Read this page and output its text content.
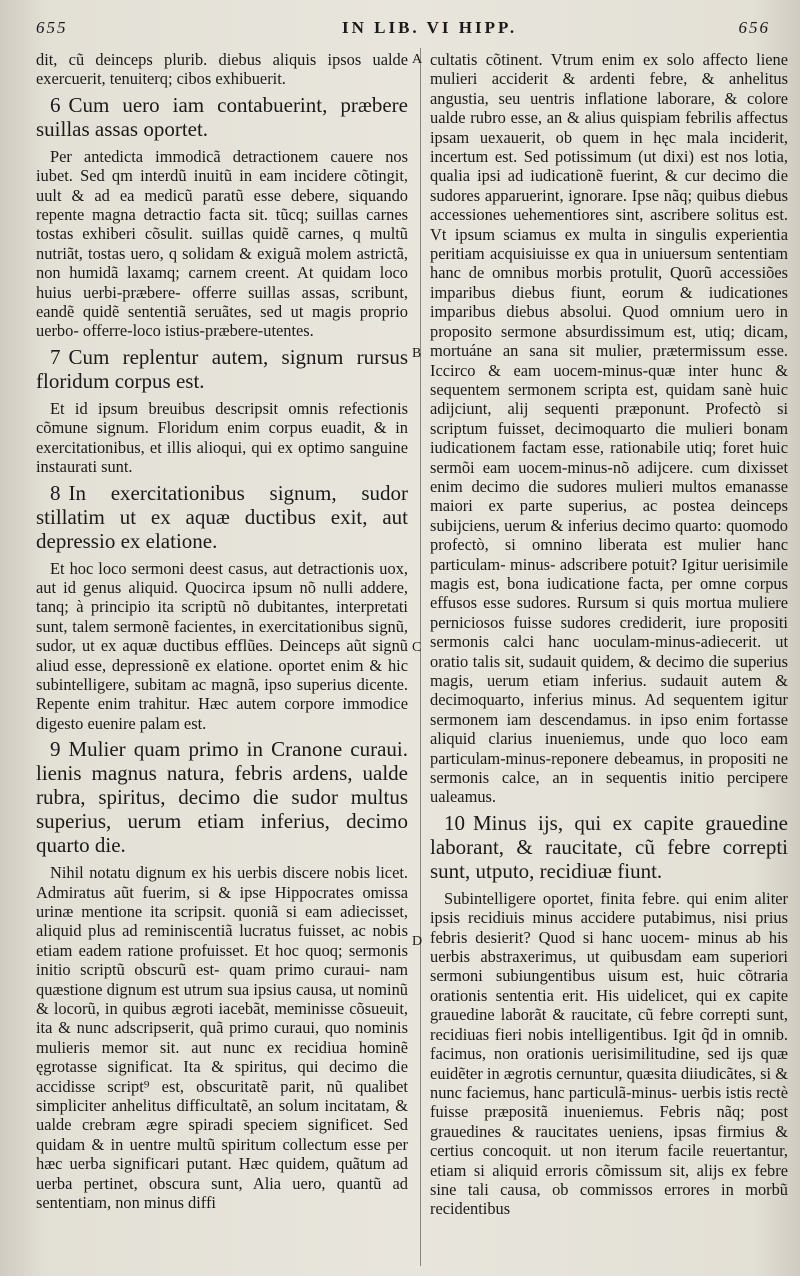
655	IN LIB. VI HIPP.	656
A
B
C
D

dit, cũ deinceps plurib. diebus aliquis ipsos ualde exercuerit, tenuiterq; cibos exhibuerit.

6 Cum uero iam contabuerint, præbere suillas assas oportet.

Per antedicta immodicã detractionem cauere nos iubet. Sed qm interdũ inuitũ in eam incidere cõtingit, uult & ad ea medicũ paratũ esse debere, siquando repente magna detractio facta sit. tũcq; suillas carnes tostas exhiberi cõsulit. suillas quidẽ carnes, q multũ nutriãt, tostas uero, q solidam & exiguã molem astrictã, non humidã laxamq; carnem creent. At quidam loco huius uerbi-præbere- offerre suillas assas, scribunt, eandẽ quidẽ sententiã seruãtes, sed ut magis proprio uerbo- offerre-loco istius-præbere-utentes.

7 Cum replentur autem, signum rursus floridum corpus est.

Et id ipsum breuibus descripsit omnis refectionis cõmune signum. Floridum enim corpus euadit, & in exercitationibus, et illis alioqui, qui ex optimo sanguine instaurati sunt.

8 In exercitationibus signum, sudor stillatim ut ex aquæ ductibus exit, aut depressio ex elatione.

Et hoc loco sermoni deest casus, aut detractionis uox, aut id genus aliquid. Quocirca ipsum nõ nulli addere, tanq; à principio ita scriptũ nõ dubitantes, interpretati sunt, talem sermonẽ facientes, in exercitationibus signũ, sudor, ut ex aquæ ductibus efflũes. Deinceps aũt signũ aliud esse, depressionẽ ex elatione. oportet enim & hic subintelligere, subitam ac magnã, ipso superius dicente. Repente enim trahitur. Hæc autem corpore immodice digesto euenire palam est.

9 Mulier quam primo in Cranone curaui. lienis magnus natura, febris ardens, ualde rubra, spiritus, decimo die sudor multus superius, uerum etiam inferius, decimo quarto die.

Nihil notatu dignum ex his uerbis discere nobis licet. Admiratus aũt fuerim, si & ipse Hippocrates omissa urinæ mentione ita scripsit. quoniã si eam adiecisset, aliquid plus ad reminiscentiã lucratus fuisset, ac nobis etiam eadem ratione profuisset. Et hoc quoq; sermonis initio scriptũ obscurũ est- quam primo curaui- nam quæstione dignum est utrum sua ipsius causa, ut nominũ & locorũ, in quibus ægroti iacebãt, meminisse cõsueuit, ita & nunc adscripserit, quã primo curaui, quo nominis mulieris memor sit. aut nunc ex recidiua hominẽ ęgrotasse significat. Ita & spiritus, qui decimo die accidisse script⁹ est, obscuritatẽ parit, nũ qualibet simpliciter anhelitus difficultatẽ, an solum incitatam, & ualde crebram ægre spiradi speciem significet. Sed quidam & in uentre multũ spiritum collectum esse per hæc uerba significari putant. Hæc quidem, quãtum ad uerba pertinet, obscura sunt, Alia uero, quantũ ad sententiam, non minus diffi

cultatis cõtinent. Vtrum enim ex solo affecto liene mulieri acciderit & ardenti febre, & anhelitus angustia, seu uentris inflatione laborare, & colore ualde rubro esse, an & alius quispiam febrilis affectus ipsam uexauerit, ob quem in hęc mala inciderit, incertum est. Sed potissimum (ut dixi) est nos lotia, qualia ipsi ad iudicationẽ fuerint, & cur decimo die sudores apparuerint, ignorare. Ipse nãq; quibus diebus accessiones uehementiores sint, ascribere solitus est. Vt ipsum sciamus ex multa in singulis experientia peritiam acquisiuisse ex qua in uniuersum sententiam hanc de omnibus morbis protulit, Quorũ accessiões imparibus diebus fiunt, eorum & iudicationes imparibus diebus absolui. Quod omnium uero in proposito sermone absurdissimum est, utiq; dicam, mortuáne an sana sit mulier, prætermissum esse. Iccirco & eam uocem-minus-quæ inter hunc & sequentem sermonem scripta est, quidam sanè huic adijciunt, alij sequenti præponunt. Profectò si scriptum fuisset, decimoquarto die mulieri bonam iudicationem factam esse, rationabile utiq; foret huic sermõi eam uocem-minus-nõ adijcere. cum dixisset enim decimo die sudores mulieri multos emanasse maiori ex parte superius, ac postea deinceps subijciens, uerum & inferius decimo quarto: quomodo profectò, si omnino liberata est mulier hanc particulam- minus- adscribere potuit? Igitur uerisimile magis est, bona iudicatione facta, per omne corpus effusos esse sudores. Rursum si quis mortua muliere perniciosos fuisse sudores crediderit, iure propositi sermonis calci hanc uoculam-minus-adiecerit. ut oratio talis sit, sudauit quidem, & decimo die superius magis, uerum etiam inferius. sudauit autem & decimoquarto, inferius minus. Ad sequentem igitur sermonem iam descendamus. in ipso enim fortasse aliquid clarius inueniemus, unde quo loco eam particulam-minus-reponere debeamus, in propositi ne sermonis calce, an in sequentis initio percipere ualeamus.

10 Minus ijs, qui ex capite grauedine laborant, & raucitate, cũ febre correpti sunt, utputo, recidiuæ fiunt.

Subintelligere oportet, finita febre. qui enim aliter ipsis recidiuis minus accidere putabimus, nisi prius febris desierit? Quod si hanc uocem- minus ab his uerbis abstraxerimus, ut quibusdam eam superiori sermoni subiungentibus uisum est, huic cõtraria orationis sententia erit. His uidelicet, qui ex capite grauedine laborãt & raucitate, cũ febre correpti sunt, recidiuas fieri nobis intelligentibus. Igit q̃d in omnib. facimus, non orationis uerisimilitudine, sed ijs quæ euidẽter in ægrotis cernuntur, quæsita diiudicãtes, si & nunc faciemus, hanc particulã-minus- uerbis istis rectè fuisse præpositã inueniemus. Febris nãq; post grauedines & raucitates ueniens, ipsas firmius & certius concoquit. ut non iterum facile reuertantur, etiam si aliquid erroris cõmissum sit, alijs ex febre sine tali causa, ob commissos errores in morbũ recidentibus
